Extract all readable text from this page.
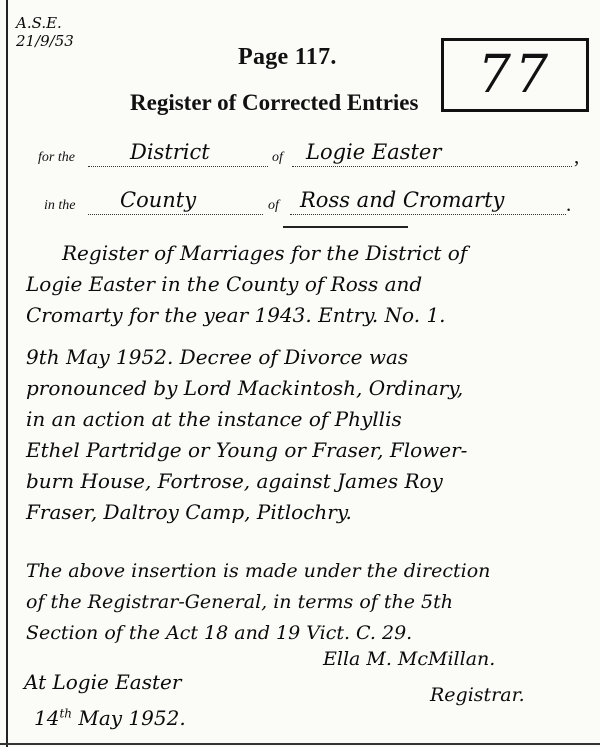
A.S.E.
21/9/53
Page 117.
Register of Corrected Entries 77
for the	District	of Logie Easter	,
in the County	of Ross and Cromarty	.
Register of Marriages for the District of
Logie Easter in the County of Ross and
Cromarty for the year 1943. Entry. No. 1.
9th May 1952. Decree of Divorce was
pronounced by Lord Mackintosh, Ordinary,
in an action at the instance of Phyllis
Ethel Partridge or Young or Fraser, Flower-
burn House, Fortrose, against James Roy
Fraser, Daltroy Camp, Pitlochry.
The above insertion is made under the direction
of the Registrar-General, in terms of the 5th
Section of the Act 18 and 19 Vict. C. 29.
Ella M. McMillan.
Registrar.
At Logie Easter
14th May 1952.
